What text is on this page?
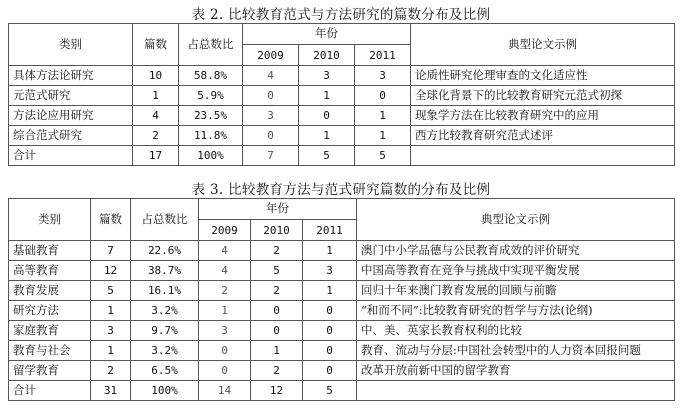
表 2. 比较教育范式与方法研究的篇数分布及比例
类别	篇数	占总数比	年份			典型论文示例
			2009	2010	2011	
具体方法论研究	10	58.8%	4	3	3	论质性研究伦理审查的文化适应性
元范式研究	1	5.9%	0	1	0	全球化背景下的比较教育研究元范式初探
方法论应用研究	4	23.5%	3	0	1	现象学方法在比较教育研究中的应用
综合范式研究	2	11.8%	0	1	1	西方比较教育研究范式述评
合计	17	100%	7	5	5	
表 3. 比较教育方法与范式研究篇数的分布及比例
类别	篇数	占总数比	年份			典型论文示例
			2009	2010	2011	
基础教育	7	22.6%	4	2	1	澳门中小学品德与公民教育成效的评价研究
高等教育	12	38.7%	4	5	3	中国高等教育在竞争与挑战中实现平衡发展
教育发展	5	16.1%	2	2	1	回归十年来澳门教育发展的回顾与前瞻
研究方法	1	3.2%	1	0	0	“和而不同”:比较教育研究的哲学与方法(论纲)
家庭教育	3	9.7%	3	0	0	中、美、英家长教育权利的比较
教育与社会	1	3.2%	0	1	0	教育、流动与分层:中国社会转型中的人力资本回报问题
留学教育	2	6.5%	0	2	0	改革开放前新中国的留学教育
合计	31	100%	14	12	5	
